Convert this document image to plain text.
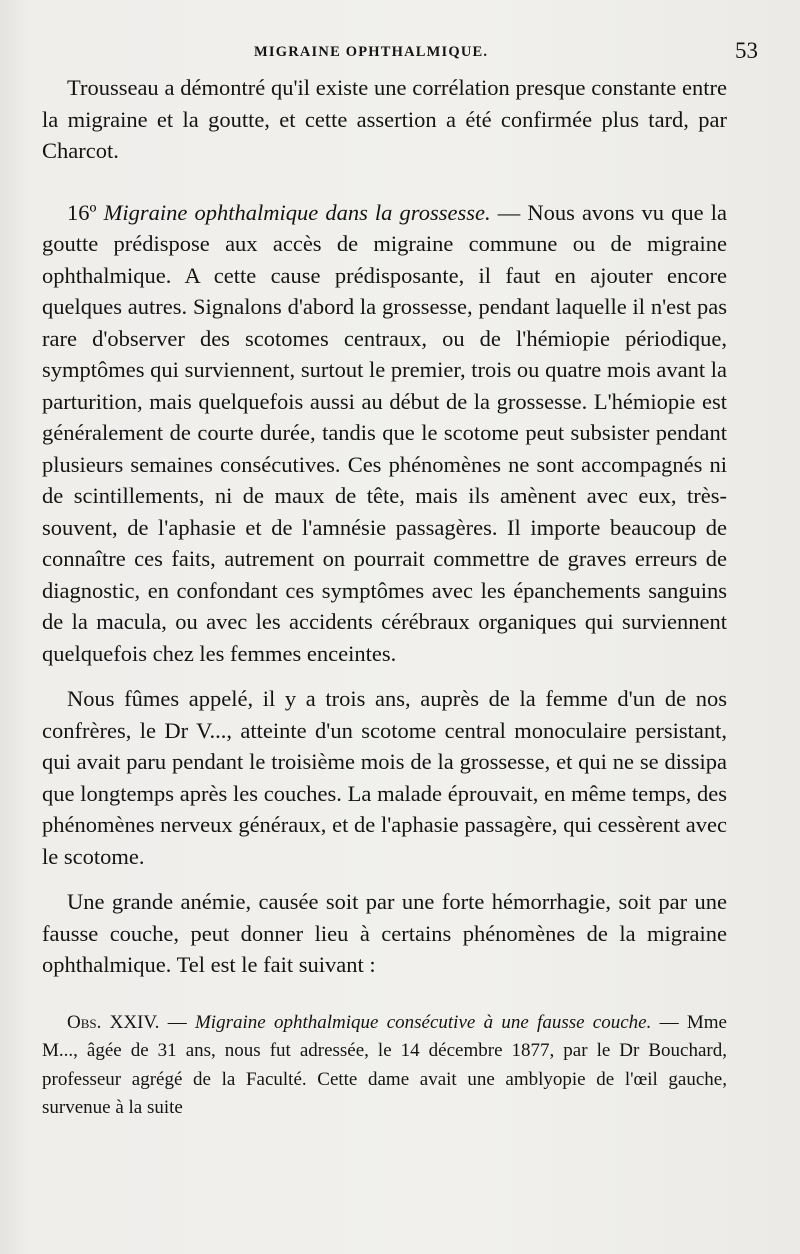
MIGRAINE OPHTHALMIQUE.	53

Trousseau a démontré qu'il existe une corrélation presque constante entre la migraine et la goutte, et cette assertion a été confirmée plus tard, par Charcot.

16º Migraine ophthalmique dans la grossesse. — Nous avons vu que la goutte prédispose aux accès de migraine commune ou de migraine ophthalmique. A cette cause prédisposante, il faut en ajouter encore quelques autres. Signalons d'abord la grossesse, pendant laquelle il n'est pas rare d'observer des scotomes centraux, ou de l'hémiopie périodique, symptômes qui surviennent, surtout le premier, trois ou quatre mois avant la parturition, mais quelquefois aussi au début de la grossesse. L'hémiopie est généralement de courte durée, tandis que le scotome peut subsister pendant plusieurs semaines consécutives. Ces phénomènes ne sont accompagnés ni de scintillements, ni de maux de tête, mais ils amènent avec eux, très-souvent, de l'aphasie et de l'amnésie passagères. Il importe beaucoup de connaître ces faits, autrement on pourrait commettre de graves erreurs de diagnostic, en confondant ces symptômes avec les épanchements sanguins de la macula, ou avec les accidents cérébraux organiques qui surviennent quelquefois chez les femmes enceintes.

Nous fûmes appelé, il y a trois ans, auprès de la femme d'un de nos confrères, le Dr V..., atteinte d'un scotome central monoculaire persistant, qui avait paru pendant le troisième mois de la grossesse, et qui ne se dissipa que longtemps après les couches. La malade éprouvait, en même temps, des phénomènes nerveux généraux, et de l'aphasie passagère, qui cessèrent avec le scotome.

Une grande anémie, causée soit par une forte hémorrhagie, soit par une fausse couche, peut donner lieu à certains phénomènes de la migraine ophthalmique. Tel est le fait suivant :

Obs. XXIV. — Migraine ophthalmique consécutive à une fausse couche. — Mme M..., âgée de 31 ans, nous fut adressée, le 14 décembre 1877, par le Dr Bouchard, professeur agrégé de la Faculté. Cette dame avait une amblyopie de l'œil gauche, survenue à la suite
